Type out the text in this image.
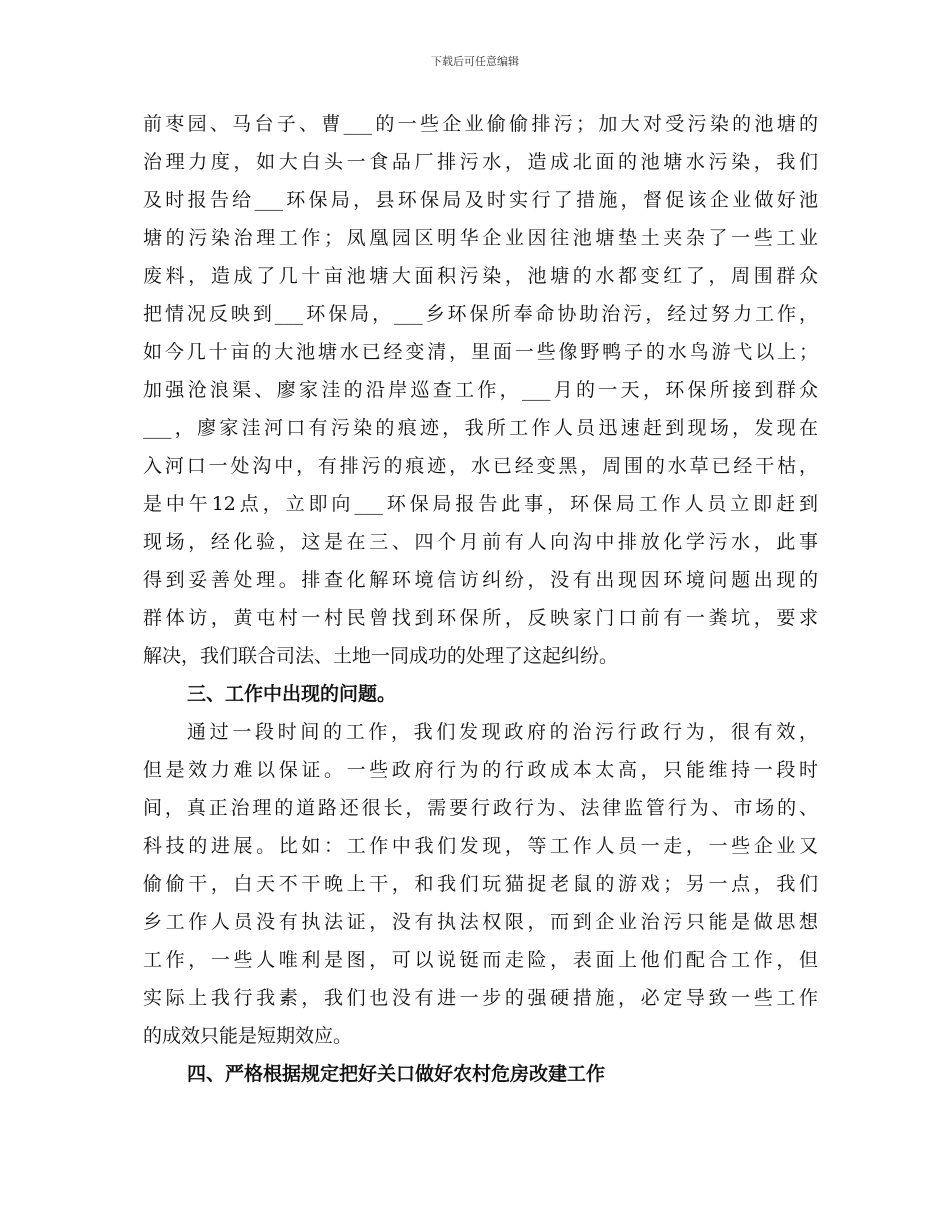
下载后可任意编辑
前枣园、马台子、曹___的一些企业偷偷排污；加大对受污染的池塘的
治理力度，如大白头一食品厂排污水，造成北面的池塘水污染，我们
及时报告给___环保局，县环保局及时实行了措施，督促该企业做好池
塘的污染治理工作；凤凰园区明华企业因往池塘垫土夹杂了一些工业
废料，造成了几十亩池塘大面积污染，池塘的水都变红了，周围群众
把情况反映到___环保局，___乡环保所奉命协助治污，经过努力工作，
如今几十亩的大池塘水已经变清，里面一些像野鸭子的水鸟游弋以上；
加强沧浪渠、廖家洼的沿岸巡查工作，___月的一天，环保所接到群众
___，廖家洼河口有污染的痕迹，我所工作人员迅速赶到现场，发现在
入河口一处沟中，有排污的痕迹，水已经变黑，周围的水草已经干枯，
是中午12点，立即向___环保局报告此事，环保局工作人员立即赶到
现场，经化验，这是在三、四个月前有人向沟中排放化学污水，此事
得到妥善处理。排查化解环境信访纠纷，没有出现因环境问题出现的
群体访，黄屯村一村民曾找到环保所，反映家门口前有一粪坑，要求
解决，我们联合司法、土地一同成功的处理了这起纠纷。
三、工作中出现的问题。
通过一段时间的工作，我们发现政府的治污行政行为，很有效，
但是效力难以保证。一些政府行为的行政成本太高，只能维持一段时
间，真正治理的道路还很长，需要行政行为、法律监管行为、市场的、
科技的进展。比如：工作中我们发现，等工作人员一走，一些企业又
偷偷干，白天不干晚上干，和我们玩猫捉老鼠的游戏；另一点，我们
乡工作人员没有执法证，没有执法权限，而到企业治污只能是做思想
工作，一些人唯利是图，可以说铤而走险，表面上他们配合工作，但
实际上我行我素，我们也没有进一步的强硬措施，必定导致一些工作
的成效只能是短期效应。
四、严格根据规定把好关口做好农村危房改建工作
